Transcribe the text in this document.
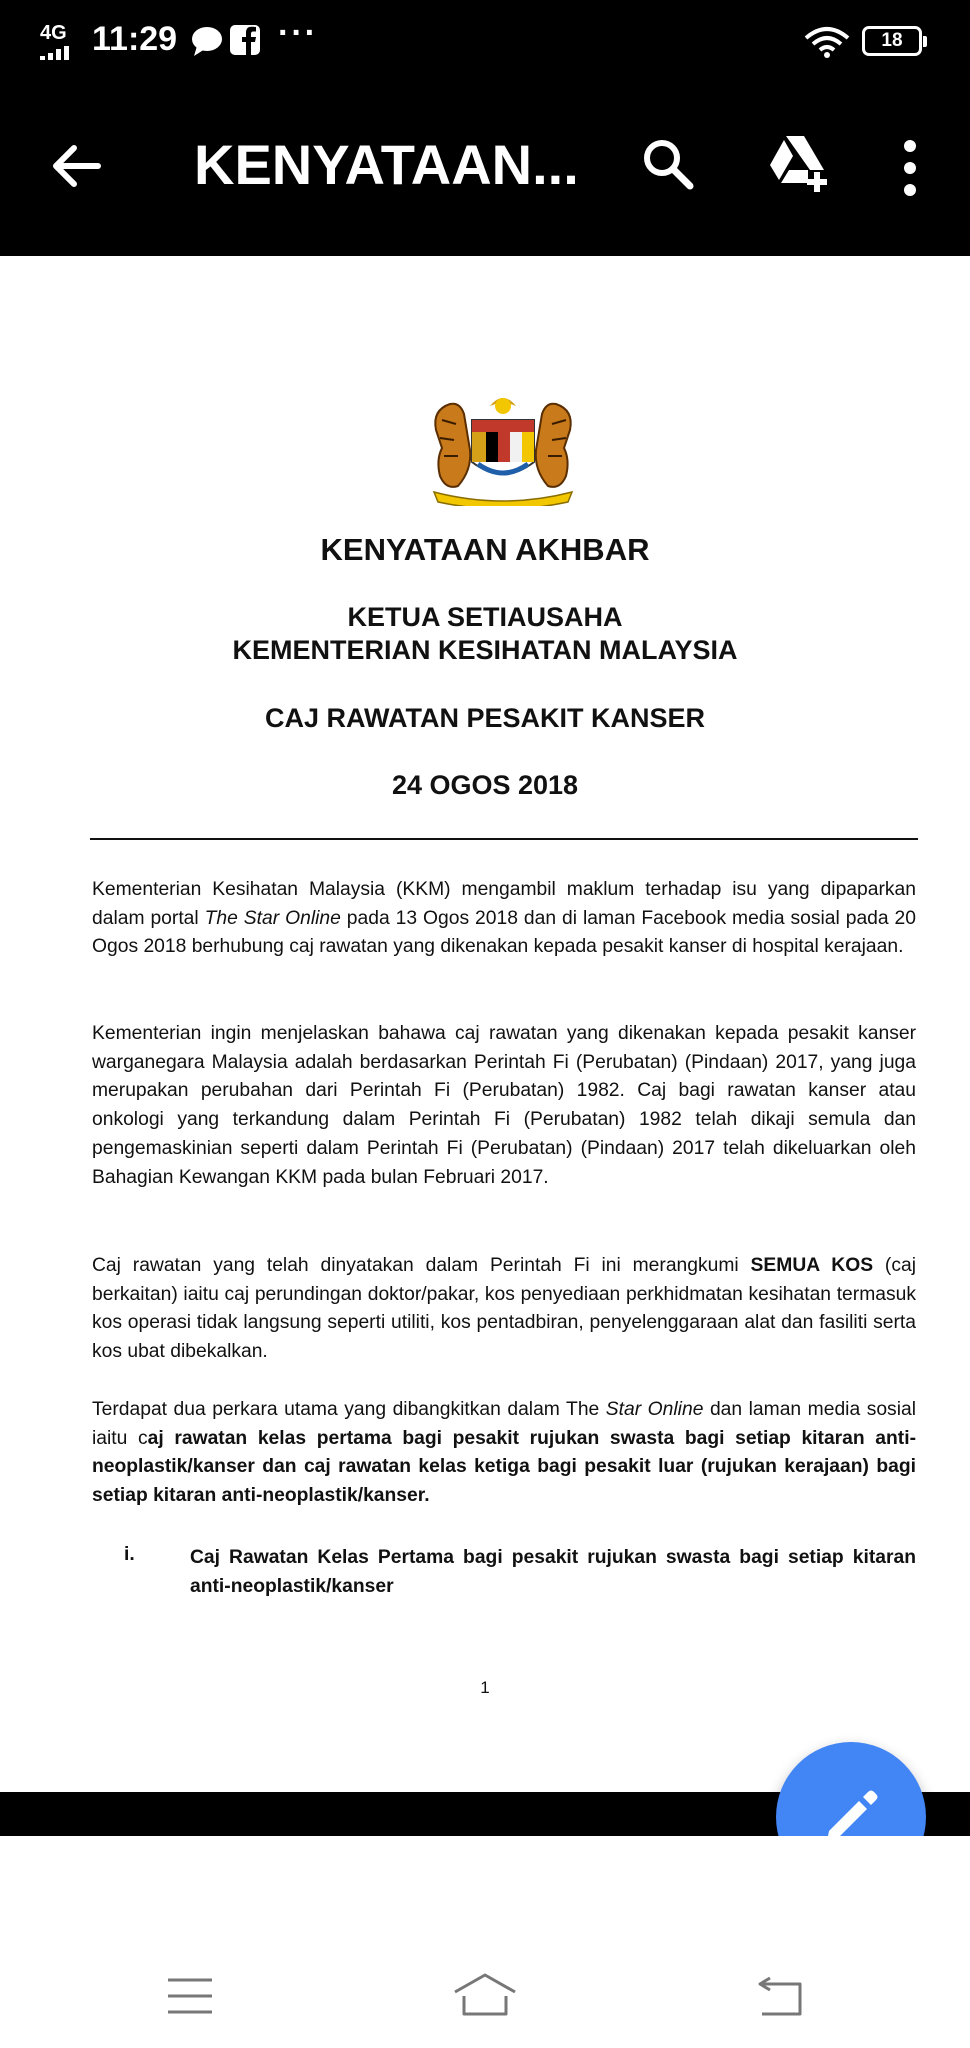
4G 11:29	···	18
KENYATAAN...
KENYATAAN AKHBAR
KETUA SETIAUSAHA
KEMENTERIAN KESIHATAN MALAYSIA
CAJ RAWATAN PESAKIT KANSER
24 OGOS 2018

Kementerian Kesihatan Malaysia (KKM) mengambil maklum terhadap isu yang dipaparkan dalam portal The Star Online pada 13 Ogos 2018 dan di laman Facebook media sosial pada 20 Ogos 2018 berhubung caj rawatan yang dikenakan kepada pesakit kanser di hospital kerajaan.

Kementerian ingin menjelaskan bahawa caj rawatan yang dikenakan kepada pesakit kanser warganegara Malaysia adalah berdasarkan Perintah Fi (Perubatan) (Pindaan) 2017, yang juga merupakan perubahan dari Perintah Fi (Perubatan) 1982. Caj bagi rawatan kanser atau onkologi yang terkandung dalam Perintah Fi (Perubatan) 1982 telah dikaji semula dan pengemaskinian seperti dalam Perintah Fi (Perubatan) (Pindaan) 2017 telah dikeluarkan oleh Bahagian Kewangan KKM pada bulan Februari 2017.

Caj rawatan yang telah dinyatakan dalam Perintah Fi ini merangkumi SEMUA KOS (caj berkaitan) iaitu caj perundingan doktor/pakar, kos penyediaan perkhidmatan kesihatan termasuk kos operasi tidak langsung seperti utiliti, kos pentadbiran, penyelenggaraan alat dan fasiliti serta kos ubat dibekalkan.

Terdapat dua perkara utama yang dibangkitkan dalam The Star Online dan laman media sosial iaitu caj rawatan kelas pertama bagi pesakit rujukan swasta bagi setiap kitaran anti-neoplastik/kanser dan caj rawatan kelas ketiga bagi pesakit luar (rujukan kerajaan) bagi setiap kitaran anti-neoplastik/kanser.

i.	Caj Rawatan Kelas Pertama bagi pesakit rujukan swasta bagi setiap kitaran anti-neoplastik/kanser
1
